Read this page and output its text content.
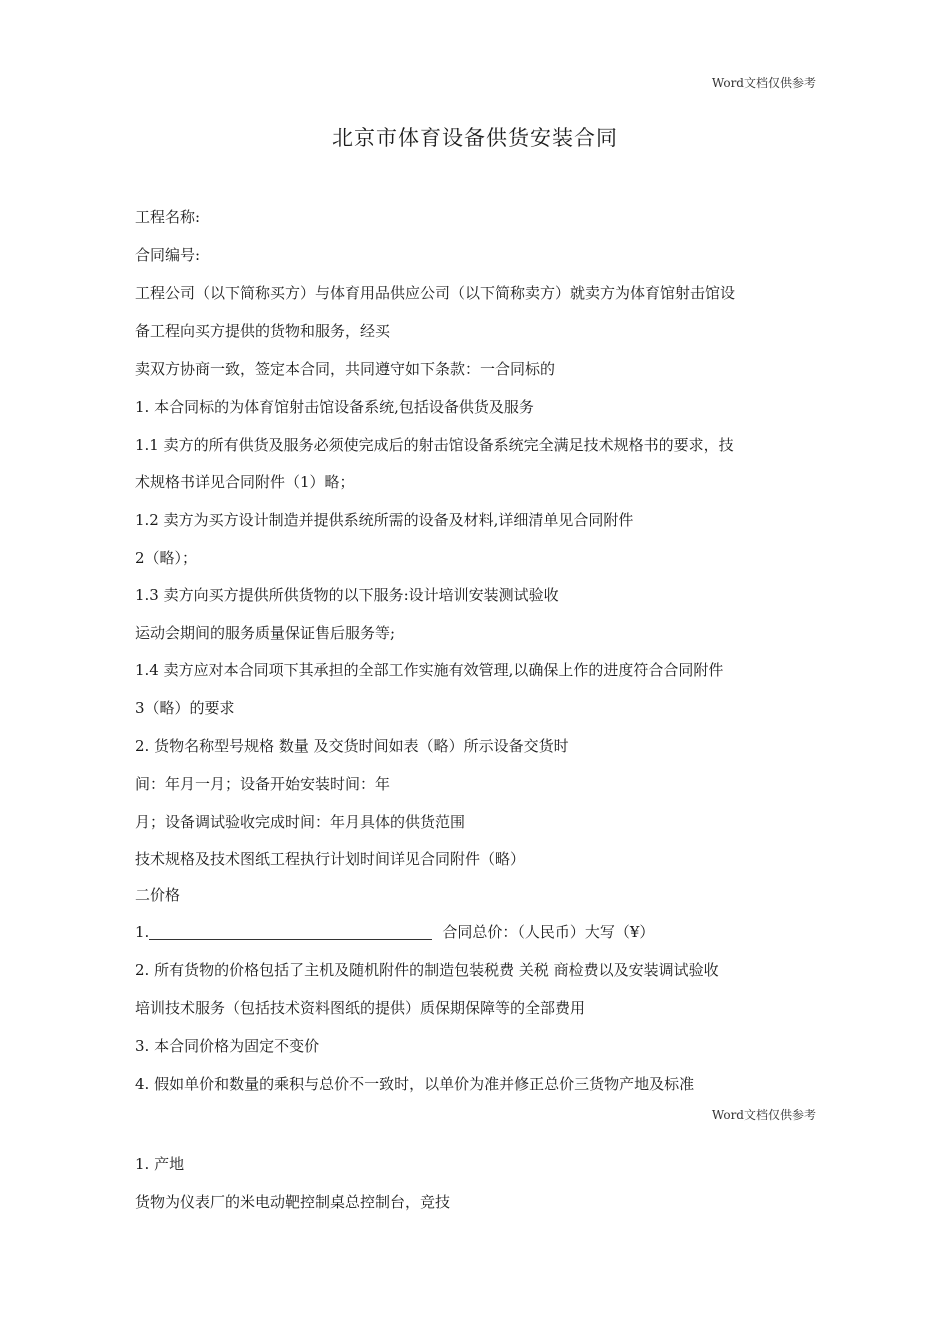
Word文档仅供参考
北京市体育设备供货安装合同
工程名称:
合同编号:
工程公司（以下简称买方）与体育用品供应公司（以下简称卖方）就卖方为体育馆射击馆设
备工程向买方提供的货物和服务，经买
卖双方协商一致，签定本合同，共同遵守如下条款：一合同标的
1. 本合同标的为体育馆射击馆设备系统,包括设备供货及服务
1.1 卖方的所有供货及服务必须使完成后的射击馆设备系统完全满足技术规格书的要求，技
术规格书详见合同附件（1）略；
1.2 卖方为买方设计制造并提供系统所需的设备及材料,详细清单见合同附件
2（略）；
1.3 卖方向买方提供所供货物的以下服务:设计培训安装测试验收
运动会期间的服务质量保证售后服务等;
1.4 卖方应对本合同项下其承担的全部工作实施有效管理,以确保上作的进度符合合同附件
3（略）的要求
2. 货物名称型号规格 数量 及交货时间如表（略）所示设备交货时
间：年月一月；设备开始安装时间：年
月；设备调试验收完成时间：年月具体的供货范围
技术规格及技术图纸工程执行计划时间详见合同附件（略）
二价格
1.	合同总价：（人民币）大写（¥）
2. 所有货物的价格包括了主机及随机附件的制造包装税费 关税 商检费以及安装调试验收
培训技术服务（包括技术资料图纸的提供）质保期保障等的全部费用
3. 本合同价格为固定不变价
4. 假如单价和数量的乘积与总价不一致时，以单价为准并修正总价三货物产地及标准
Word文档仅供参考
1. 产地
货物为仪表厂的米电动靶控制桌总控制台，竞技
